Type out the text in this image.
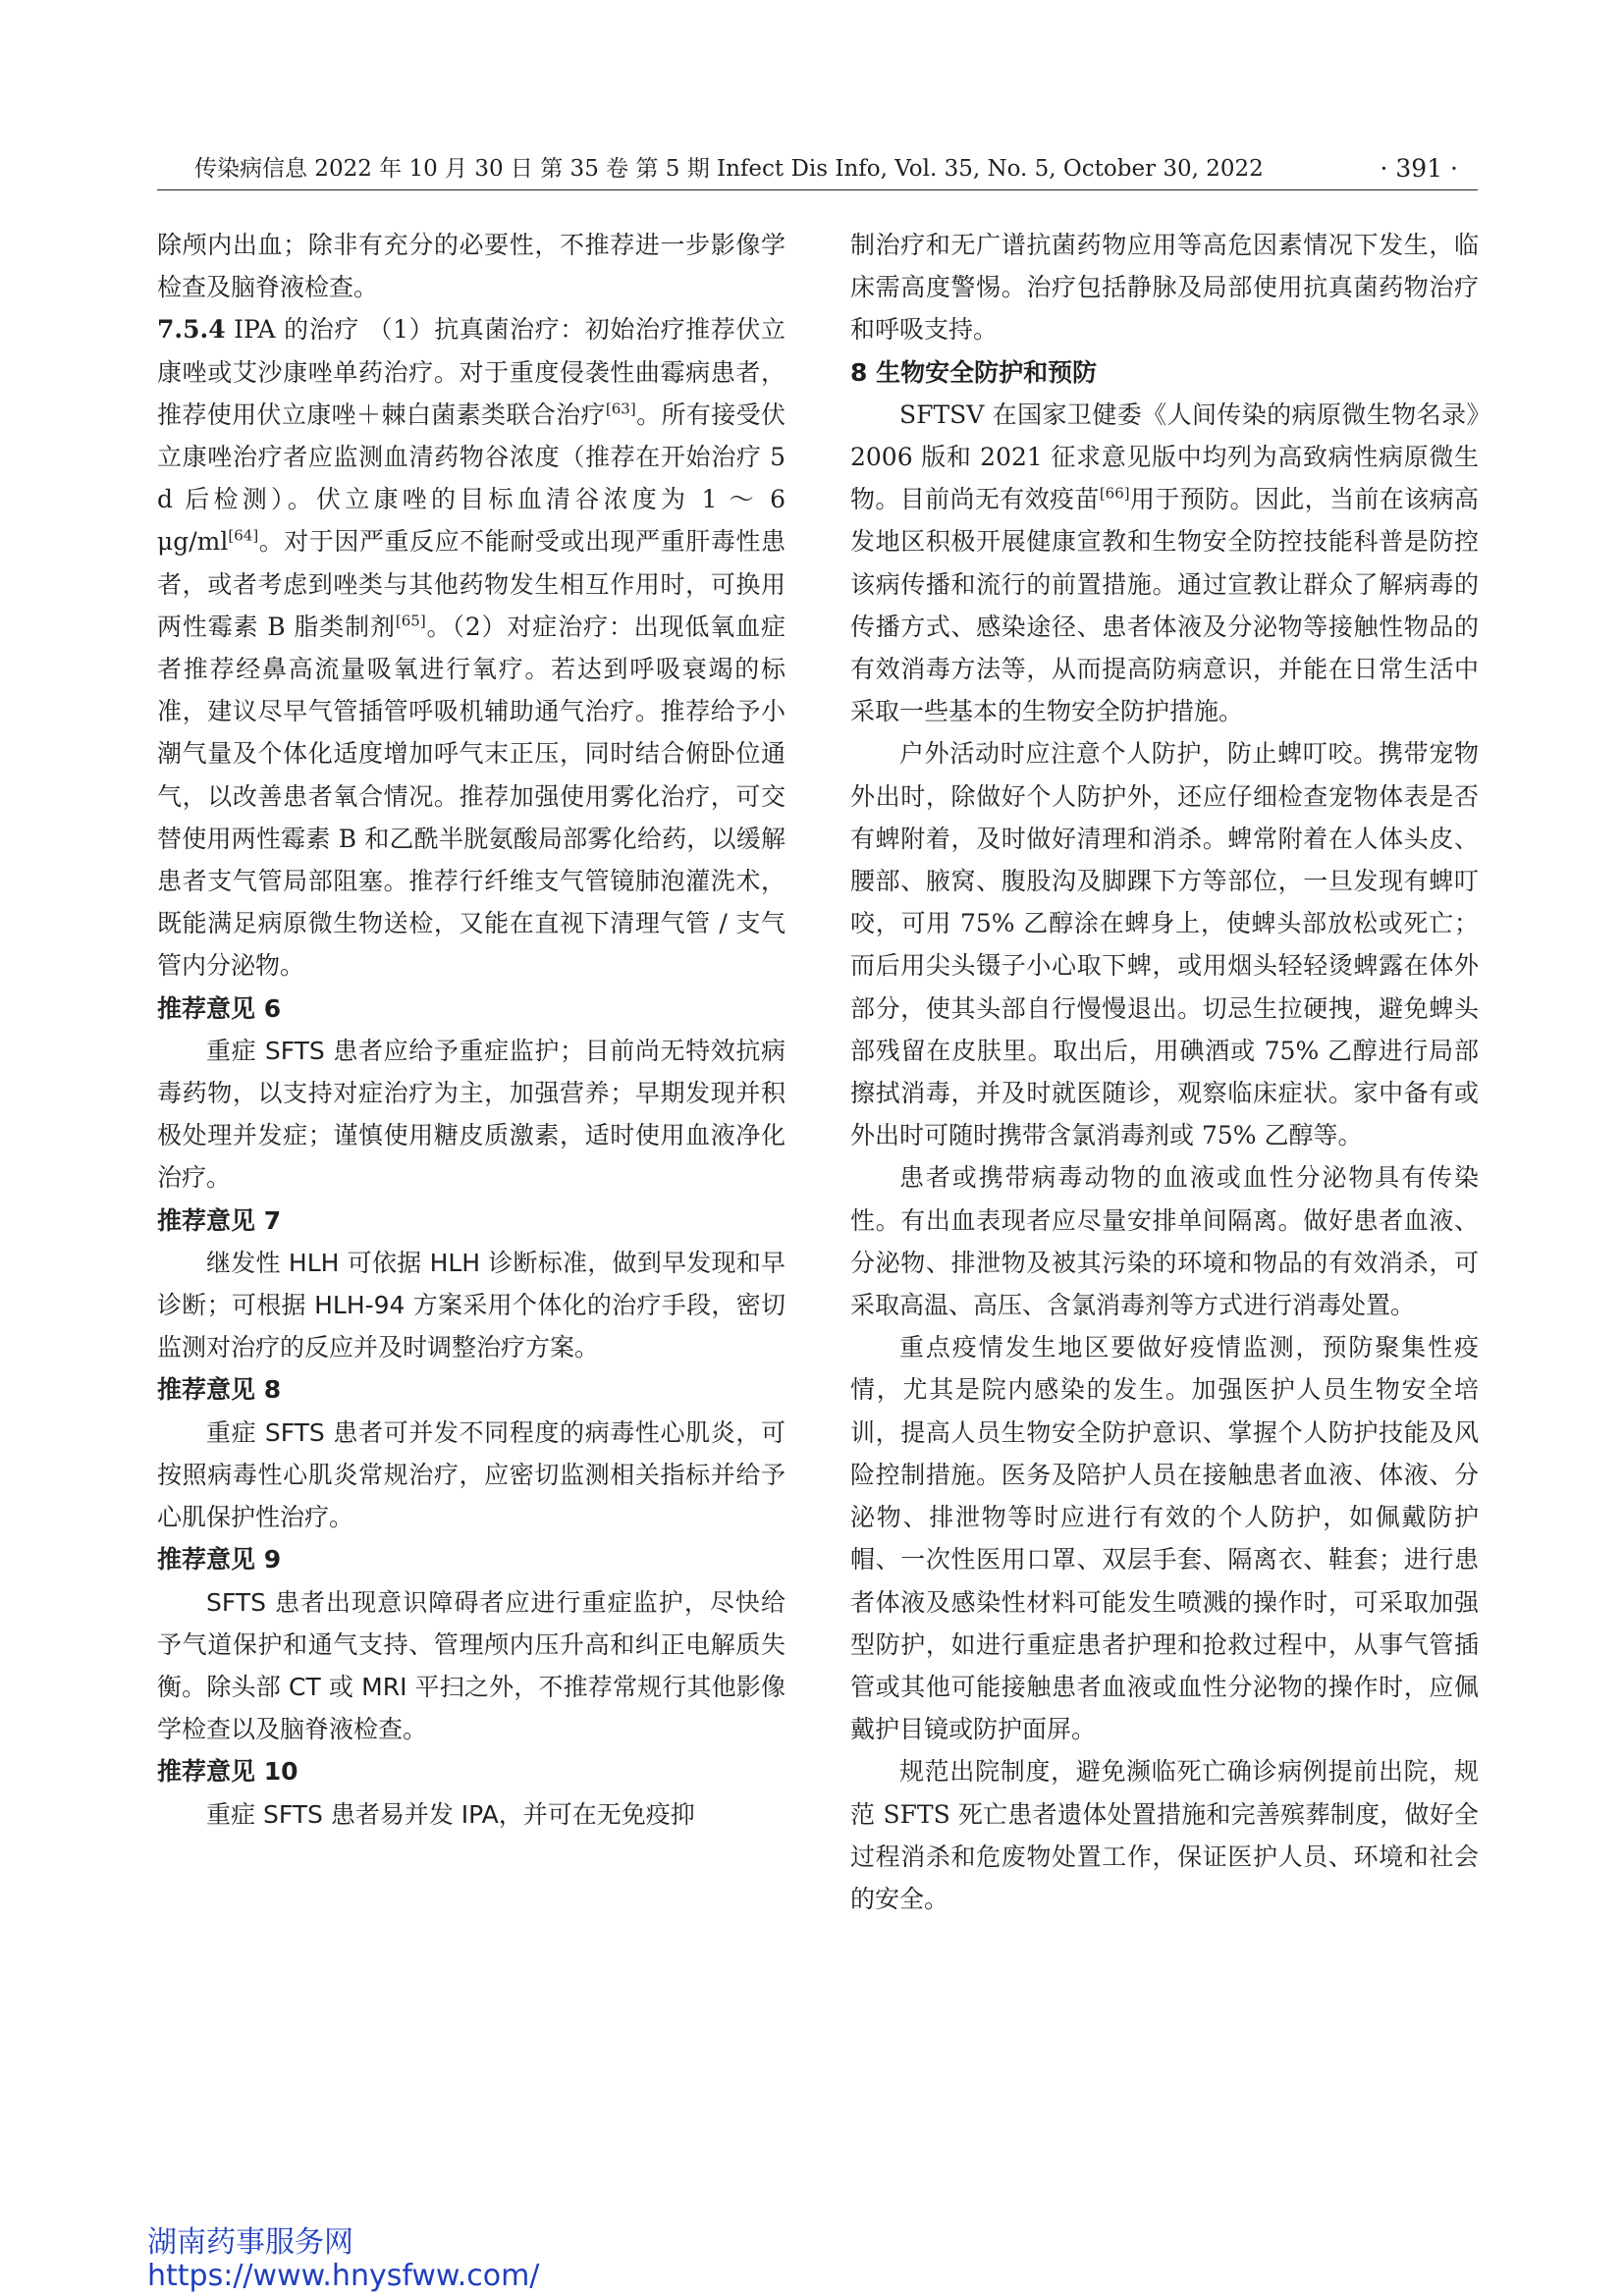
传染病信息 2022 年 10 月 30 日 第 35 卷 第 5 期 Infect Dis Info, Vol. 35, No. 5, October 30, 2022	· 391 ·

除颅内出血；除非有充分的必要性，不推荐进一步影像学检查及脑脊液检查。

7.5.4 IPA 的治疗 （1）抗真菌治疗：初始治疗推荐伏立康唑或艾沙康唑单药治疗。对于重度侵袭性曲霉病患者，推荐使用伏立康唑＋棘白菌素类联合治疗[63]。所有接受伏立康唑治疗者应监测血清药物谷浓度（推荐在开始治疗 5 d 后检测）。伏立康唑的目标血清谷浓度为 1 ～ 6 μg/ml[64]。对于因严重反应不能耐受或出现严重肝毒性患者，或者考虑到唑类与其他药物发生相互作用时，可换用两性霉素 B 脂类制剂[65]。（2）对症治疗：出现低氧血症者推荐经鼻高流量吸氧进行氧疗。若达到呼吸衰竭的标准，建议尽早气管插管呼吸机辅助通气治疗。推荐给予小潮气量及个体化适度增加呼气末正压，同时结合俯卧位通气，以改善患者氧合情况。推荐加强使用雾化治疗，可交替使用两性霉素 B 和乙酰半胱氨酸局部雾化给药，以缓解患者支气管局部阻塞。推荐行纤维支气管镜肺泡灌洗术，既能满足病原微生物送检，又能在直视下清理气管 / 支气管内分泌物。

推荐意见 6

重症 SFTS 患者应给予重症监护；目前尚无特效抗病毒药物，以支持对症治疗为主，加强营养；早期发现并积极处理并发症；谨慎使用糖皮质激素，适时使用血液净化治疗。

推荐意见 7

继发性 HLH 可依据 HLH 诊断标准，做到早发现和早诊断；可根据 HLH-94 方案采用个体化的治疗手段，密切监测对治疗的反应并及时调整治疗方案。

推荐意见 8

重症 SFTS 患者可并发不同程度的病毒性心肌炎，可按照病毒性心肌炎常规治疗，应密切监测相关指标并给予心肌保护性治疗。

推荐意见 9

SFTS 患者出现意识障碍者应进行重症监护，尽快给予气道保护和通气支持、管理颅内压升高和纠正电解质失衡。除头部 CT 或 MRI 平扫之外，不推荐常规行其他影像学检查以及脑脊液检查。

推荐意见 10

重症 SFTS 患者易并发 IPA，并可在无免疫抑

制治疗和无广谱抗菌药物应用等高危因素情况下发生，临床需高度警惕。治疗包括静脉及局部使用抗真菌药物治疗和呼吸支持。

8 生物安全防护和预防

SFTSV 在国家卫健委《人间传染的病原微生物名录》2006 版和 2021 征求意见版中均列为高致病性病原微生物。目前尚无有效疫苗[66]用于预防。因此，当前在该病高发地区积极开展健康宣教和生物安全防控技能科普是防控该病传播和流行的前置措施。通过宣教让群众了解病毒的传播方式、感染途径、患者体液及分泌物等接触性物品的有效消毒方法等，从而提高防病意识，并能在日常生活中采取一些基本的生物安全防护措施。

户外活动时应注意个人防护，防止蜱叮咬。携带宠物外出时，除做好个人防护外，还应仔细检查宠物体表是否有蜱附着，及时做好清理和消杀。蜱常附着在人体头皮、腰部、腋窝、腹股沟及脚踝下方等部位，一旦发现有蜱叮咬，可用 75% 乙醇涂在蜱身上，使蜱头部放松或死亡；而后用尖头镊子小心取下蜱，或用烟头轻轻烫蜱露在体外部分，使其头部自行慢慢退出。切忌生拉硬拽，避免蜱头部残留在皮肤里。取出后，用碘酒或 75% 乙醇进行局部擦拭消毒，并及时就医随诊，观察临床症状。家中备有或外出时可随时携带含氯消毒剂或 75% 乙醇等。

患者或携带病毒动物的血液或血性分泌物具有传染性。有出血表现者应尽量安排单间隔离。做好患者血液、分泌物、排泄物及被其污染的环境和物品的有效消杀，可采取高温、高压、含氯消毒剂等方式进行消毒处置。

重点疫情发生地区要做好疫情监测，预防聚集性疫情，尤其是院内感染的发生。加强医护人员生物安全培训，提高人员生物安全防护意识、掌握个人防护技能及风险控制措施。医务及陪护人员在接触患者血液、体液、分泌物、排泄物等时应进行有效的个人防护，如佩戴防护帽、一次性医用口罩、双层手套、隔离衣、鞋套；进行患者体液及感染性材料可能发生喷溅的操作时，可采取加强型防护，如进行重症患者护理和抢救过程中，从事气管插管或其他可能接触患者血液或血性分泌物的操作时，应佩戴护目镜或防护面屏。

规范出院制度，避免濒临死亡确诊病例提前出院，规范 SFTS 死亡患者遗体处置措施和完善殡葬制度，做好全过程消杀和危废物处置工作，保证医护人员、环境和社会的安全。

湖南药事服务网
https://www.hnysfww.com/
